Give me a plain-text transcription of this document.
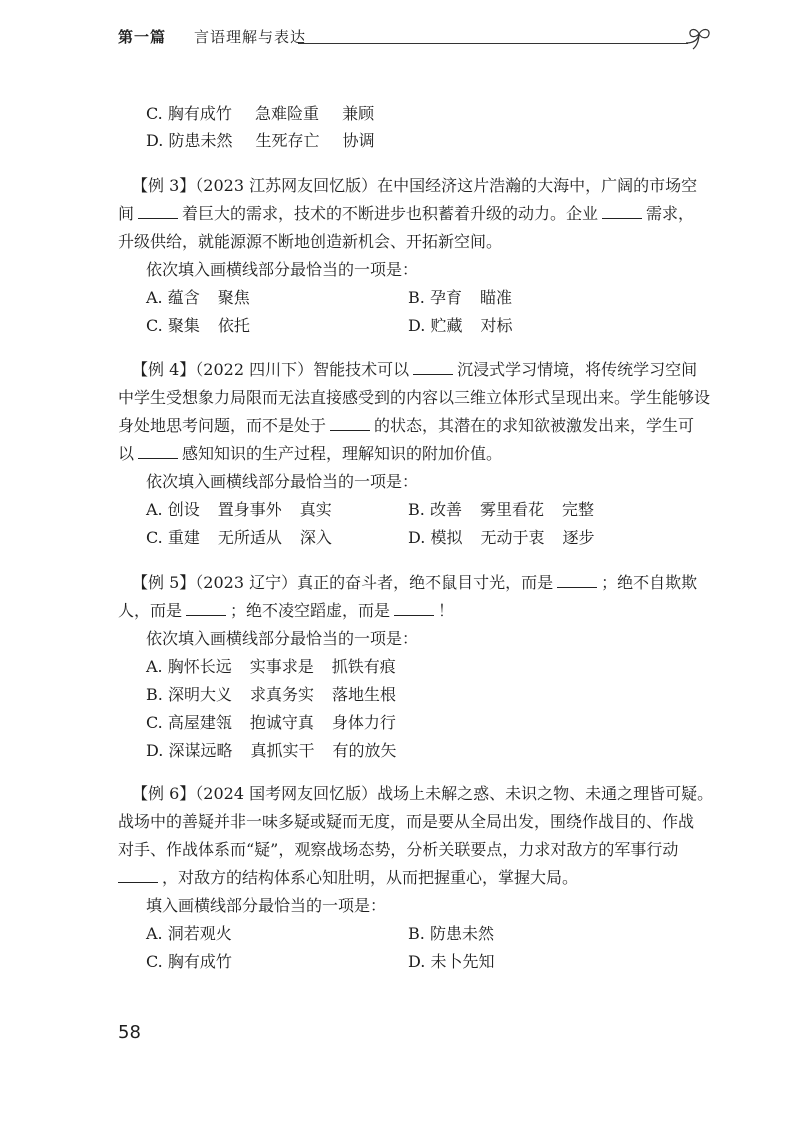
第一篇 言语理解与表达
C. 胸有成竹 急难险重 兼顾
D. 防患未然 生死存亡 协调
【例 3】（2023 江苏网友回忆版）在中国经济这片浩瀚的大海中，广阔的市场空
间	着巨大的需求，技术的不断进步也积蓄着升级的动力。企业	需求，
升级供给，就能源源不断地创造新机会、开拓新空间。
依次填入画横线部分最恰当的一项是：
A. 蕴含 聚焦	B. 孕育 瞄准
C. 聚集 依托	D. 贮藏 对标
【例 4】（2022 四川下）智能技术可以	沉浸式学习情境，将传统学习空间
中学生受想象力局限而无法直接感受到的内容以三维立体形式呈现出来。学生能够设
身处地思考问题，而不是处于	的状态，其潜在的求知欲被激发出来，学生可
以	感知知识的生产过程，理解知识的附加价值。
依次填入画横线部分最恰当的一项是：
A. 创设 置身事外 真实	B. 改善 雾里看花 完整
C. 重建 无所适从 深入	D. 模拟 无动于衷 逐步
【例 5】（2023 辽宁）真正的奋斗者，绝不鼠目寸光，而是	；绝不自欺欺
人，而是	；绝不凌空蹈虚，而是	！
依次填入画横线部分最恰当的一项是：
A. 胸怀长远 实事求是 抓铁有痕
B. 深明大义 求真务实 落地生根
C. 高屋建瓴 抱诚守真 身体力行
D. 深谋远略 真抓实干 有的放矢
【例 6】（2024 国考网友回忆版）战场上未解之惑、未识之物、未通之理皆可疑。
战场中的善疑并非一味多疑或疑而无度，而是要从全局出发，围绕作战目的、作战
对手、作战体系而“疑”，观察战场态势，分析关联要点，力求对敌方的军事行动
，对敌方的结构体系心知肚明，从而把握重心，掌握大局。
填入画横线部分最恰当的一项是：
A. 洞若观火	B. 防患未然
C. 胸有成竹	D. 未卜先知
58
